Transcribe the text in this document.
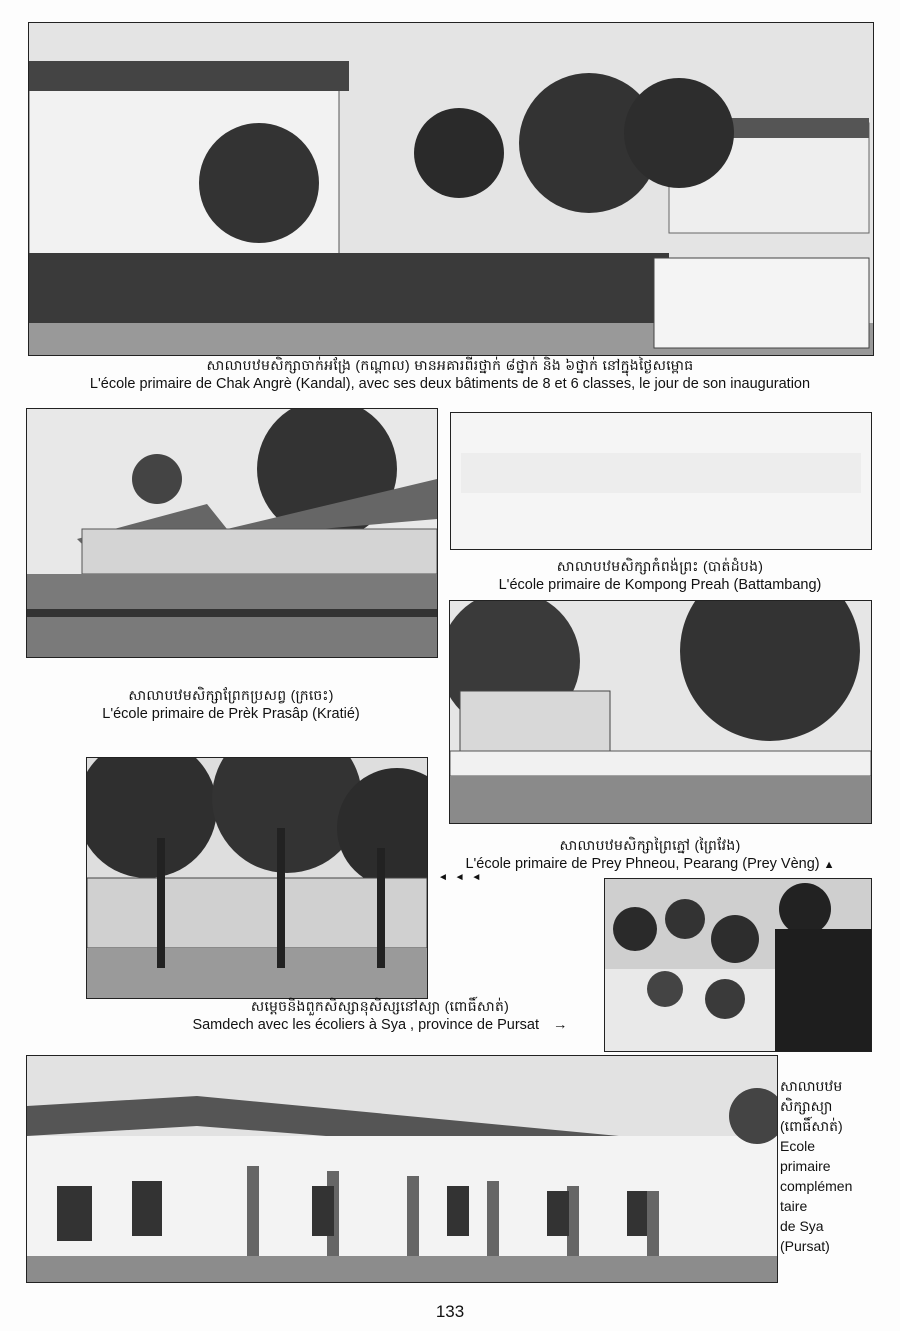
សាលាបឋមសិក្សាចាក់អង្រែ (កណ្ដាល) មានអគារពីរថ្នាក់ ៨ថ្នាក់ និង ៦ថ្នាក់ នៅក្នុងថ្ងៃសម្ពោធ
L'école primaire de Chak Angrè (Kandal), avec ses deux bâtiments de 8 et 6 classes, le jour de son inauguration
សាលាបឋមសិក្សាកំពង់ព្រះ (បាត់ដំបង)
L'école primaire de Kompong Preah (Battambang)
សាលាបឋមសិក្សាព្រែកប្រសព្វ (ក្រចេះ)
L'école primaire de Prèk Prasâp (Kratié)
សាលាបឋមសិក្សាព្រៃភ្នៅ (ព្រៃវែង)
L'école primaire de Prey Phneou, Pearang (Prey Vèng) ▲
◄ ◄ ◄
សម្ដេចនិងពួកសិស្សានុសិស្សនៅស្យា (ពោធិ៍សាត់)
Samdech avec les écoliers à Sya , province de Pursat →
សាលាបឋម
សិក្សាស្យា
(ពោធិ៍សាត់)
Ecole
primaire
complémen
taire
de Sya
(Pursat)
133
